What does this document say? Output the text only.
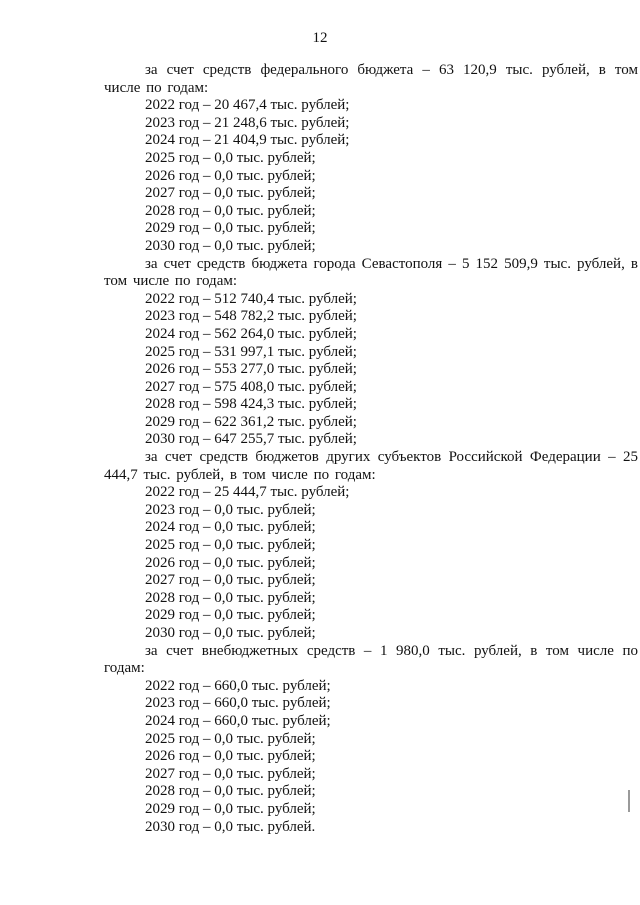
12
за счет средств федерального бюджета – 63 120,9 тыс. рублей, в том числе по годам:
2022 год – 20 467,4 тыс. рублей;
2023 год – 21 248,6 тыс. рублей;
2024 год – 21 404,9 тыс. рублей;
2025 год – 0,0 тыс. рублей;
2026 год – 0,0 тыс. рублей;
2027 год – 0,0 тыс. рублей;
2028 год – 0,0 тыс. рублей;
2029 год – 0,0 тыс. рублей;
2030 год – 0,0 тыс. рублей;
за счет средств бюджета города Севастополя – 5 152 509,9 тыс. рублей, в том числе по годам:
2022 год – 512 740,4 тыс. рублей;
2023 год – 548 782,2 тыс. рублей;
2024 год – 562 264,0 тыс. рублей;
2025 год – 531 997,1 тыс. рублей;
2026 год – 553 277,0 тыс. рублей;
2027 год – 575 408,0 тыс. рублей;
2028 год – 598 424,3 тыс. рублей;
2029 год – 622 361,2 тыс. рублей;
2030 год – 647 255,7 тыс. рублей;
за счет средств бюджетов других субъектов Российской Федерации – 25 444,7 тыс. рублей, в том числе по годам:
2022 год – 25 444,7 тыс. рублей;
2023 год – 0,0 тыс. рублей;
2024 год – 0,0 тыс. рублей;
2025 год – 0,0 тыс. рублей;
2026 год – 0,0 тыс. рублей;
2027 год – 0,0 тыс. рублей;
2028 год – 0,0 тыс. рублей;
2029 год – 0,0 тыс. рублей;
2030 год – 0,0 тыс. рублей;
за счет внебюджетных средств – 1 980,0 тыс. рублей, в том числе по годам:
2022 год – 660,0 тыс. рублей;
2023 год – 660,0 тыс. рублей;
2024 год – 660,0 тыс. рублей;
2025 год – 0,0 тыс. рублей;
2026 год – 0,0 тыс. рублей;
2027 год – 0,0 тыс. рублей;
2028 год – 0,0 тыс. рублей;
2029 год – 0,0 тыс. рублей;
2030 год – 0,0 тыс. рублей.
